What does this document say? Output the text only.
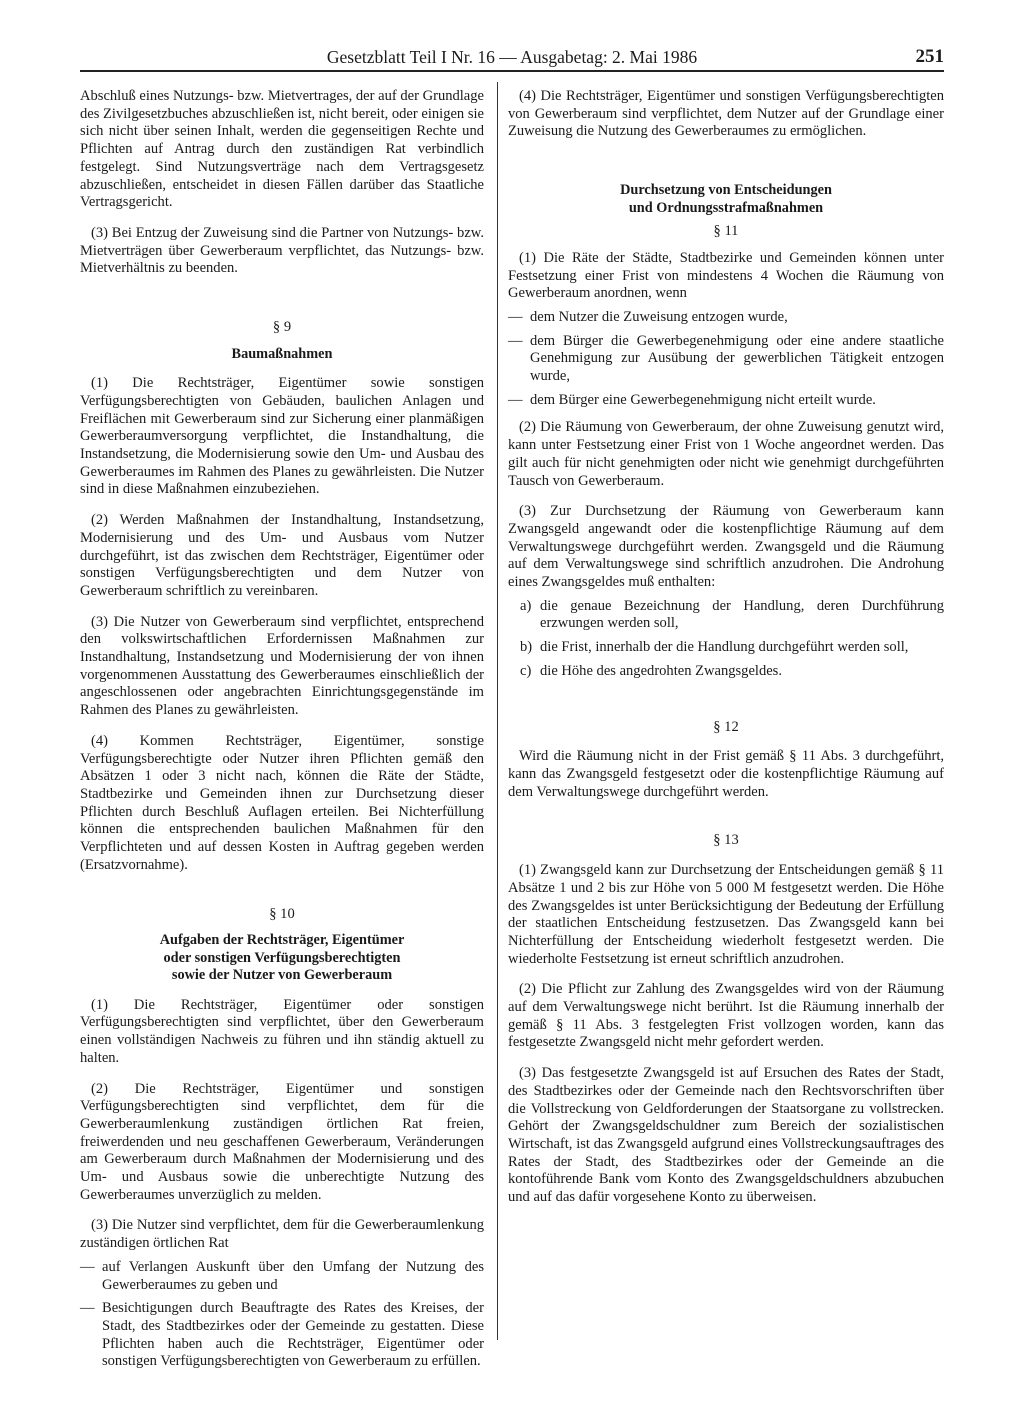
Gesetzblatt Teil I Nr. 16 — Ausgabetag: 2. Mai 1986	251

Abschluß eines Nutzungs- bzw. Mietvertrages, der auf der Grundlage des Zivilgesetzbuches abzuschließen ist, nicht bereit, oder einigen sie sich nicht über seinen Inhalt, werden die gegenseitigen Rechte und Pflichten auf Antrag durch den zuständigen Rat verbindlich festgelegt. Sind Nutzungsverträge nach dem Vertragsgesetz abzuschließen, entscheidet in diesen Fällen darüber das Staatliche Vertragsgericht.

(3) Bei Entzug der Zuweisung sind die Partner von Nutzungs- bzw. Mietverträgen über Gewerberaum verpflichtet, das Nutzungs- bzw. Mietverhältnis zu beenden.

§ 9
Baumaßnahmen

(1) Die Rechtsträger, Eigentümer sowie sonstigen Verfügungsberechtigten von Gebäuden, baulichen Anlagen und Freiflächen mit Gewerberaum sind zur Sicherung einer planmäßigen Gewerberaumversorgung verpflichtet, die Instandhaltung, die Instandsetzung, die Modernisierung sowie den Um- und Ausbau des Gewerberaumes im Rahmen des Planes zu gewährleisten. Die Nutzer sind in diese Maßnahmen einzubeziehen.

(2) Werden Maßnahmen der Instandhaltung, Instandsetzung, Modernisierung und des Um- und Ausbaus vom Nutzer durchgeführt, ist das zwischen dem Rechtsträger, Eigentümer oder sonstigen Verfügungsberechtigten und dem Nutzer von Gewerberaum schriftlich zu vereinbaren.

(3) Die Nutzer von Gewerberaum sind verpflichtet, entsprechend den volkswirtschaftlichen Erfordernissen Maßnahmen zur Instandhaltung, Instandsetzung und Modernisierung der von ihnen vorgenommenen Ausstattung des Gewerberaumes einschließlich der angeschlossenen oder angebrachten Einrichtungsgegenstände im Rahmen des Planes zu gewährleisten.

(4) Kommen Rechtsträger, Eigentümer, sonstige Verfügungsberechtigte oder Nutzer ihren Pflichten gemäß den Absätzen 1 oder 3 nicht nach, können die Räte der Städte, Stadtbezirke und Gemeinden ihnen zur Durchsetzung dieser Pflichten durch Beschluß Auflagen erteilen. Bei Nichterfüllung können die entsprechenden baulichen Maßnahmen für den Verpflichteten und auf dessen Kosten in Auftrag gegeben werden (Ersatzvornahme).

§ 10
Aufgaben der Rechtsträger, Eigentümer
oder sonstigen Verfügungsberechtigten
sowie der Nutzer von Gewerberaum

(1) Die Rechtsträger, Eigentümer oder sonstigen Verfügungsberechtigten sind verpflichtet, über den Gewerberaum einen vollständigen Nachweis zu führen und ihn ständig aktuell zu halten.

(2) Die Rechtsträger, Eigentümer und sonstigen Verfügungsberechtigten sind verpflichtet, dem für die Gewerberaumlenkung zuständigen örtlichen Rat freien, freiwerdenden und neu geschaffenen Gewerberaum, Veränderungen am Gewerberaum durch Maßnahmen der Modernisierung und des Um- und Ausbaus sowie die unberechtigte Nutzung des Gewerberaumes unverzüglich zu melden.

(3) Die Nutzer sind verpflichtet, dem für die Gewerberaumlenkung zuständigen örtlichen Rat

— auf Verlangen Auskunft über den Umfang der Nutzung des Gewerberaumes zu geben und
— Besichtigungen durch Beauftragte des Rates des Kreises, der Stadt, des Stadtbezirkes oder der Gemeinde zu gestatten. Diese Pflichten haben auch die Rechtsträger, Eigentümer oder sonstigen Verfügungsberechtigten von Gewerberaum zu erfüllen.

(4) Die Rechtsträger, Eigentümer und sonstigen Verfügungsberechtigten von Gewerberaum sind verpflichtet, dem Nutzer auf der Grundlage einer Zuweisung die Nutzung des Gewerberaumes zu ermöglichen.

Durchsetzung von Entscheidungen
und Ordnungsstrafmaßnahmen
§ 11

(1) Die Räte der Städte, Stadtbezirke und Gemeinden können unter Festsetzung einer Frist von mindestens 4 Wochen die Räumung von Gewerberaum anordnen, wenn

— dem Nutzer die Zuweisung entzogen wurde,
— dem Bürger die Gewerbegenehmigung oder eine andere staatliche Genehmigung zur Ausübung der gewerblichen Tätigkeit entzogen wurde,
— dem Bürger eine Gewerbegenehmigung nicht erteilt wurde.

(2) Die Räumung von Gewerberaum, der ohne Zuweisung genutzt wird, kann unter Festsetzung einer Frist von 1 Woche angeordnet werden. Das gilt auch für nicht genehmigten oder nicht wie genehmigt durchgeführten Tausch von Gewerberaum.

(3) Zur Durchsetzung der Räumung von Gewerberaum kann Zwangsgeld angewandt oder die kostenpflichtige Räumung auf dem Verwaltungswege durchgeführt werden. Zwangsgeld und die Räumung auf dem Verwaltungswege sind schriftlich anzudrohen. Die Androhung eines Zwangsgeldes muß enthalten:

a) die genaue Bezeichnung der Handlung, deren Durchführung erzwungen werden soll,
b) die Frist, innerhalb der die Handlung durchgeführt werden soll,
c) die Höhe des angedrohten Zwangsgeldes.
§ 12

Wird die Räumung nicht in der Frist gemäß § 11 Abs. 3 durchgeführt, kann das Zwangsgeld festgesetzt oder die kostenpflichtige Räumung auf dem Verwaltungswege durchgeführt werden.

§ 13

(1) Zwangsgeld kann zur Durchsetzung der Entscheidungen gemäß § 11 Absätze 1 und 2 bis zur Höhe von 5 000 M festgesetzt werden. Die Höhe des Zwangsgeldes ist unter Berücksichtigung der Bedeutung der Erfüllung der staatlichen Entscheidung festzusetzen. Das Zwangsgeld kann bei Nichterfüllung der Entscheidung wiederholt festgesetzt werden. Die wiederholte Festsetzung ist erneut schriftlich anzudrohen.

(2) Die Pflicht zur Zahlung des Zwangsgeldes wird von der Räumung auf dem Verwaltungswege nicht berührt. Ist die Räumung innerhalb der gemäß § 11 Abs. 3 festgelegten Frist vollzogen worden, kann das festgesetzte Zwangsgeld nicht mehr gefordert werden.

(3) Das festgesetzte Zwangsgeld ist auf Ersuchen des Rates der Stadt, des Stadtbezirkes oder der Gemeinde nach den Rechtsvorschriften über die Vollstreckung von Geldforderungen der Staatsorgane zu vollstrecken. Gehört der Zwangsgeldschuldner zum Bereich der sozialistischen Wirtschaft, ist das Zwangsgeld aufgrund eines Vollstreckungsauftrages des Rates der Stadt, des Stadtbezirkes oder der Gemeinde an die kontoführende Bank vom Konto des Zwangsgeldschuldners abzubuchen und auf das dafür vorgesehene Konto zu überweisen.
